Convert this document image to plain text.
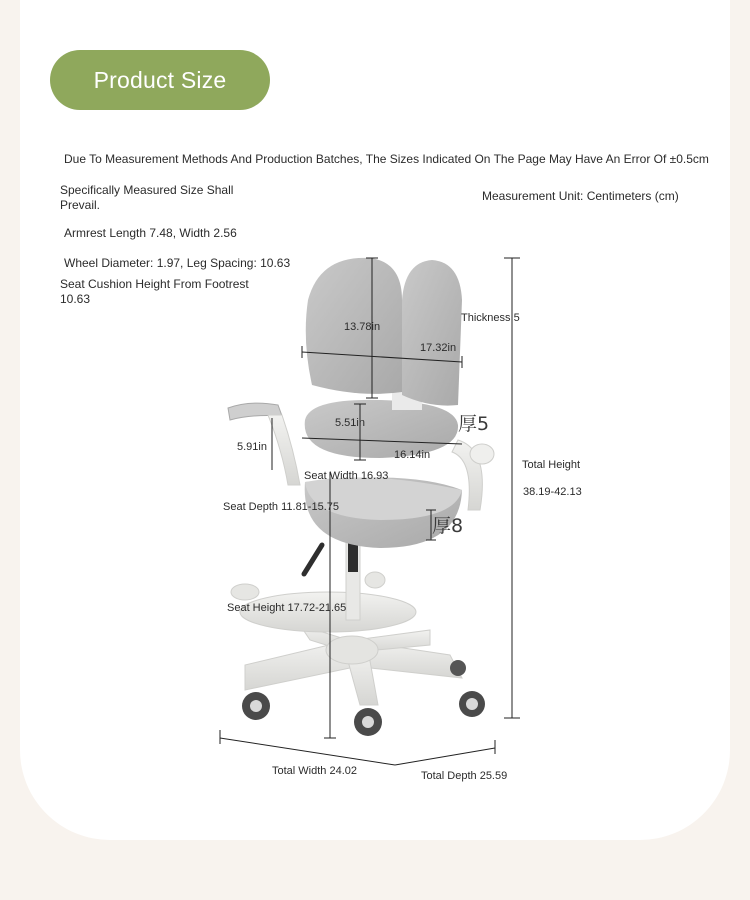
Product Size
Due To Measurement Methods And Production Batches, The Sizes Indicated On The Page May Have An Error Of ±0.5cm
Specifically Measured Size Shall Prevail.
Measurement Unit: Centimeters (cm)
Armrest Length 7.48, Width 2.56
Wheel Diameter: 1.97, Leg Spacing: 10.63
Seat Cushion Height From Footrest 10.63
13.78in
17.32in
Thickness 5
5.51in
16.14in
厚5
5.91in
Seat Width 16.93
Seat Depth 11.81-15.75
厚8
Seat Height 17.72-21.65
Total Height
38.19-42.13
Total Width 24.02	Total Depth 25.59
